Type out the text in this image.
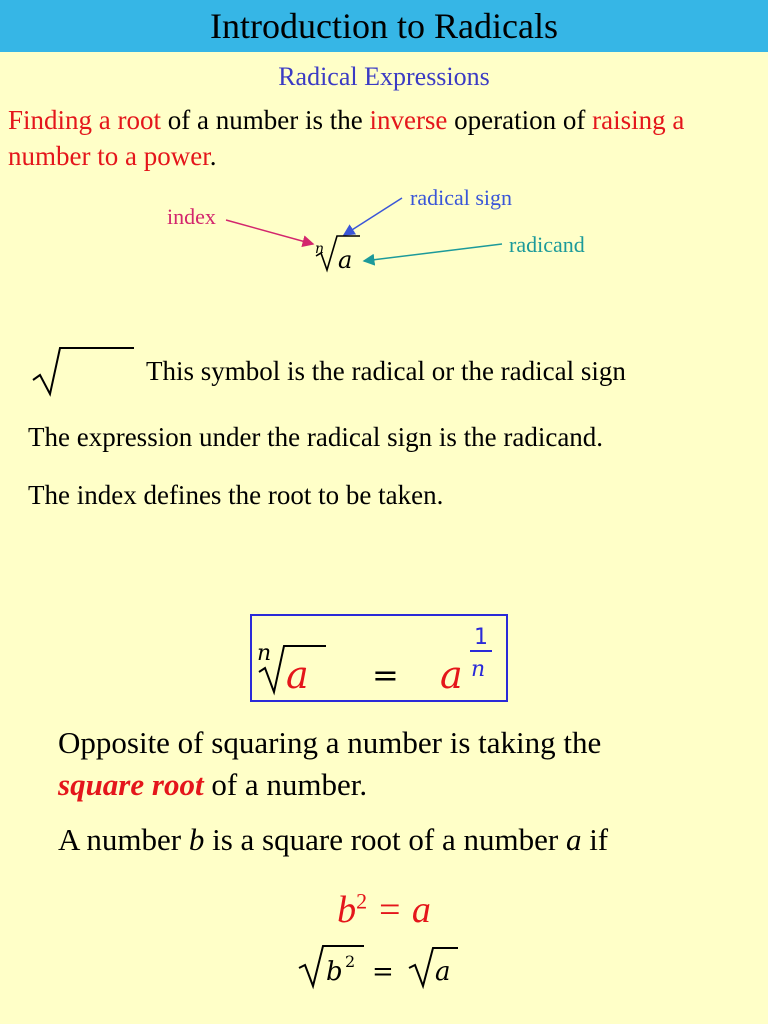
Introduction to Radicals
Radical Expressions
Finding a root of a number is the inverse operation of raising a number to a power.
index
radical sign
radicand
n a
This symbol is the radical or the radical sign
The expression under the radical sign is the radicand.
The index defines the root to be taken.
n a = a
1
n
Opposite of squaring a number is taking the
square root of a number.
A number b is a square root of a number a if
$b^2 = a$
b 2 = a
